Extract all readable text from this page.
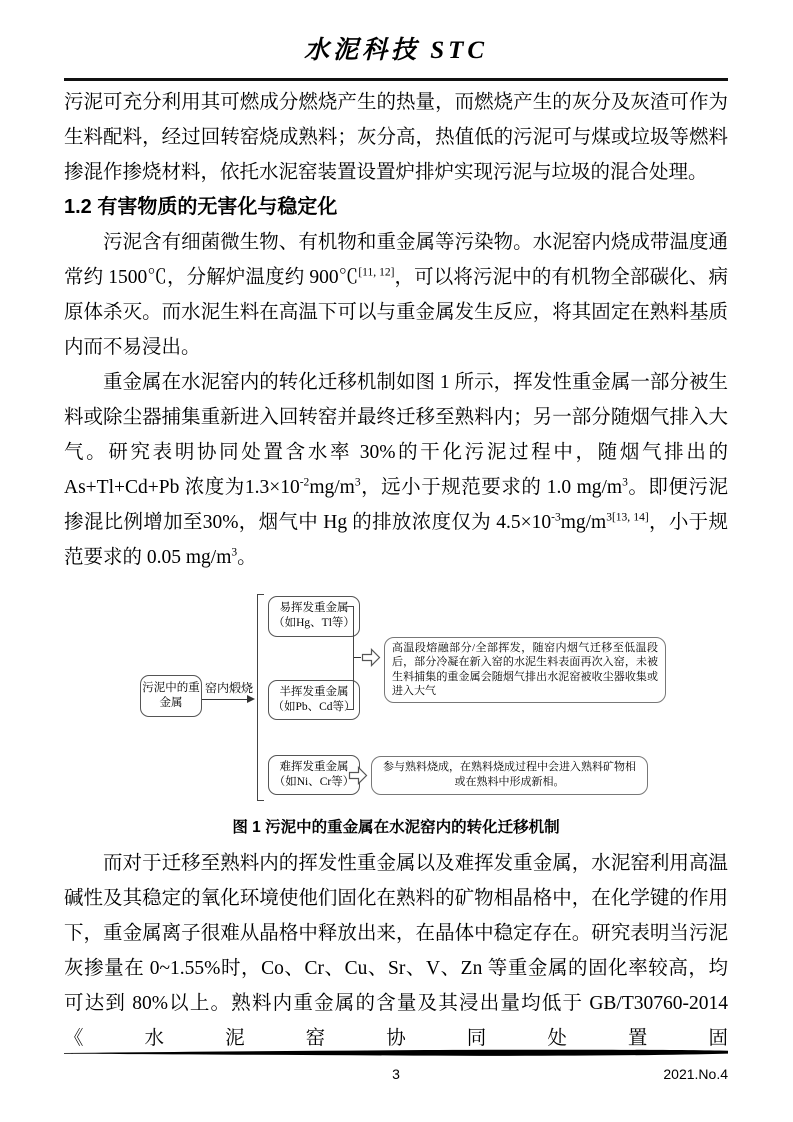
水泥科技 STC

污泥可充分利用其可燃成分燃烧产生的热量，而燃烧产生的灰分及灰渣可作为生料配料，经过回转窑烧成熟料；灰分高，热值低的污泥可与煤或垃圾等燃料掺混作掺烧材料，依托水泥窑装置设置炉排炉实现污泥与垃圾的混合处理。

1.2 有害物质的无害化与稳定化

污泥含有细菌微生物、有机物和重金属等污染物。水泥窑内烧成带温度通常约 1500℃，分解炉温度约 900℃[11, 12]，可以将污泥中的有机物全部碳化、病原体杀灭。而水泥生料在高温下可以与重金属发生反应，将其固定在熟料基质内而不易浸出。

重金属在水泥窑内的转化迁移机制如图 1 所示，挥发性重金属一部分被生料或除尘器捕集重新进入回转窑并最终迁移至熟料内；另一部分随烟气排入大气。研究表明协同处置含水率 30%的干化污泥过程中，随烟气排出的 As+Tl+Cd+Pb 浓度为$1.3\times 10^{-2}mg/m^3$，远小于规范要求的 1.0 $mg/m^3$。即便污泥掺混比例增加至30%，烟气中 Hg 的排放浓度仅为 $4.5\times 10^{-3}mg/m^{3[13, 14]}$，小于规范要求的 0.05 $mg/m^3$。

污泥中的重金属
窑内煅烧
易挥发重金属
（如Hg、Tl等）
半挥发重金属
（如Pb、Cd等）
难挥发重金属
（如Ni、Cr等）
高温段熔融部分/全部挥发，随窑内烟气迁移至低温段后，部分冷凝在新入窑的水泥生料表面再次入窑，未被生料捕集的重金属会随烟气排出水泥窑被收尘器收集或进入大气
参与熟料烧成，在熟料烧成过程中会进入熟料矿物相或在熟料中形成新相。
图 1 污泥中的重金属在水泥窑内的转化迁移机制

而对于迁移至熟料内的挥发性重金属以及难挥发重金属，水泥窑利用高温碱性及其稳定的氧化环境使他们固化在熟料的矿物相晶格中，在化学键的作用下，重金属离子很难从晶格中释放出来，在晶体中稳定存在。研究表明当污泥灰掺量在 0~1.55%时，Co、Cr、Cu、Sr、V、Zn 等重金属的固化率较高，均可达到 80%以上。熟料内重金属的含量及其浸出量均低于 GB/T30760-2014《水泥窑协同处置固

3	2021.No.4
